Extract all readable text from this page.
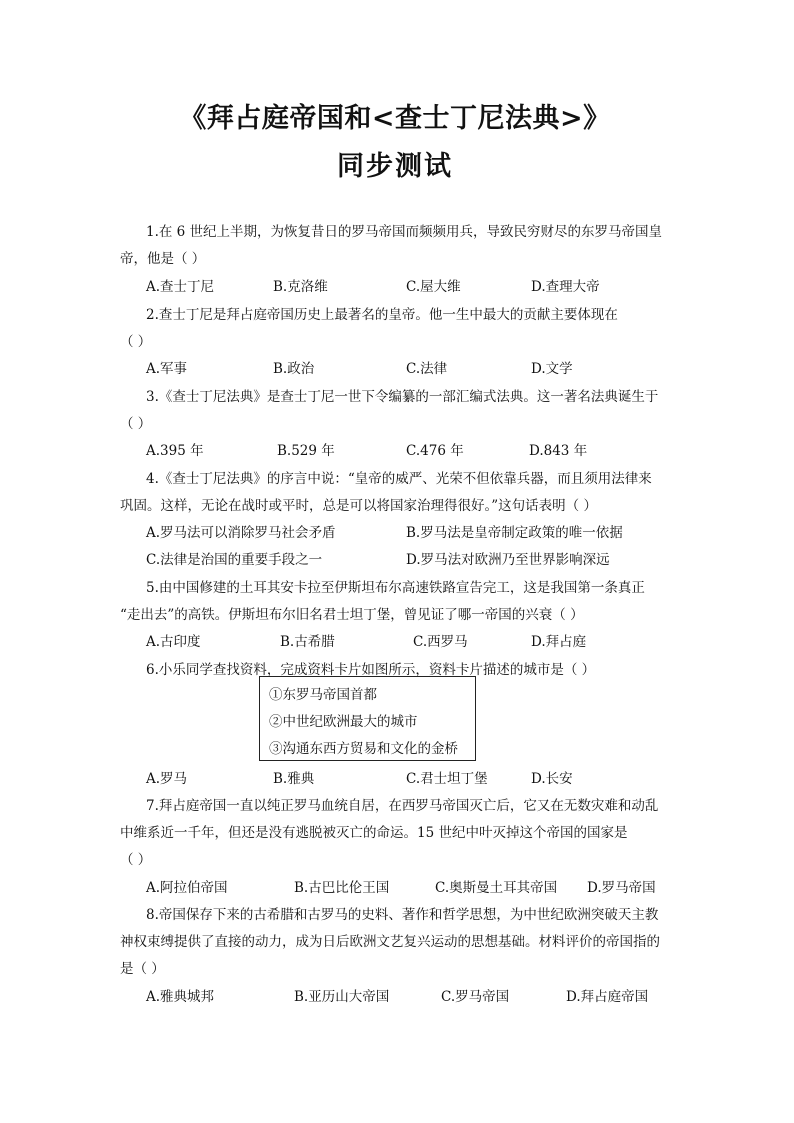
《拜占庭帝国和<查士丁尼法典>》
同步测试
1.在 6 世纪上半期，为恢复昔日的罗马帝国而频频用兵，导致民穷财尽的东罗马帝国皇
帝，他是（ ）
A.查士丁尼	B.克洛维	C.屋大维	D.查理大帝
2.查士丁尼是拜占庭帝国历史上最著名的皇帝。他一生中最大的贡献主要体现在
（ ）
A.军事	B.政治	C.法律	D.文学
3.《查士丁尼法典》是查士丁尼一世下令编纂的一部汇编式法典。这一著名法典诞生于
（ ）
A.395 年	B.529 年	C.476 年	D.843 年
4.《查士丁尼法典》的序言中说：“皇帝的威严、光荣不但依靠兵器，而且须用法律来
巩固。这样，无论在战时或平时，总是可以将国家治理得很好。”这句话表明（ ）
A.罗马法可以消除罗马社会矛盾	B.罗马法是皇帝制定政策的唯一依据
C.法律是治国的重要手段之一	D.罗马法对欧洲乃至世界影响深远
5.由中国修建的土耳其安卡拉至伊斯坦布尔高速铁路宣告完工，这是我国第一条真正
“走出去”的高铁。伊斯坦布尔旧名君士坦丁堡，曾见证了哪一帝国的兴衰（ ）
A.古印度	B.古希腊	C.西罗马	D.拜占庭
6.小乐同学查找资料，完成资料卡片如图所示，资料卡片描述的城市是（ ）
①东罗马帝国首都
②中世纪欧洲最大的城市
③沟通东西方贸易和文化的金桥
A.罗马	B.雅典	C.君士坦丁堡	D.长安
7.拜占庭帝国一直以纯正罗马血统自居，在西罗马帝国灭亡后，它又在无数灾难和动乱
中维系近一千年，但还是没有逃脱被灭亡的命运。15 世纪中叶灭掉这个帝国的国家是
（ ）
A.阿拉伯帝国	B.古巴比伦王国	C.奥斯曼土耳其帝国 D.罗马帝国
8.帝国保存下来的古希腊和古罗马的史料、著作和哲学思想，为中世纪欧洲突破天主教
神权束缚提供了直接的动力，成为日后欧洲文艺复兴运动的思想基础。材料评价的帝国指的
是（ ）
A.雅典城邦	B.亚历山大帝国	C.罗马帝国	D.拜占庭帝国
